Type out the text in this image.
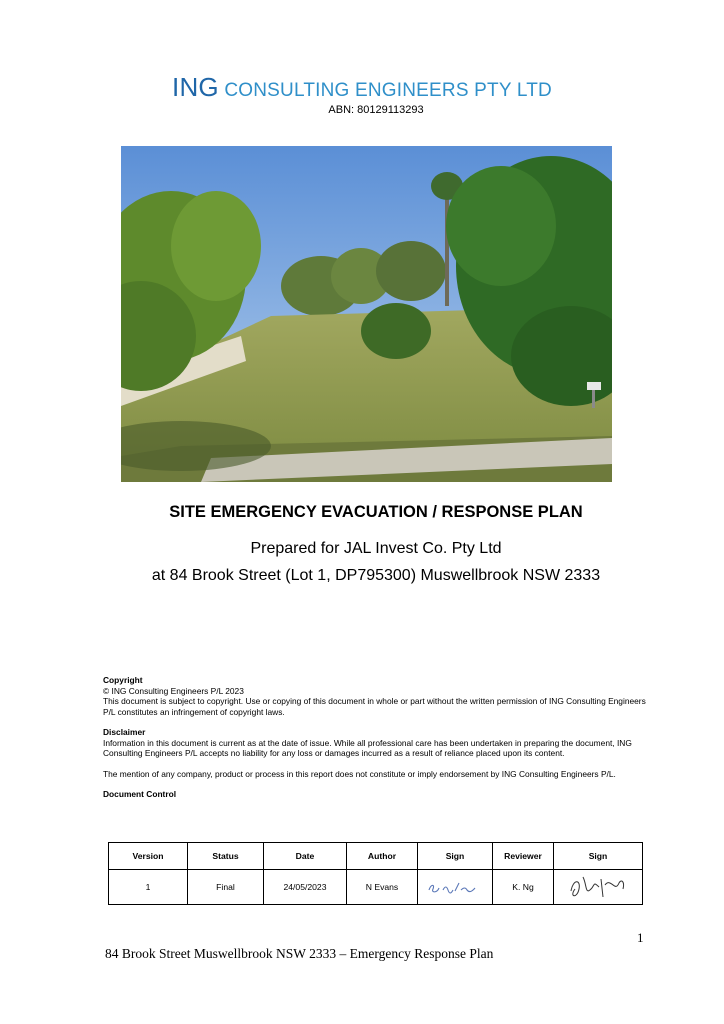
ING CONSULTING ENGINEERS PTY LTD
ABN: 80129113293
SITE EMERGENCY EVACUATION / RESPONSE PLAN
Prepared for JAL Invest Co. Pty Ltd
at 84 Brook Street (Lot 1, DP795300) Muswellbrook NSW 2333

Copyright

© ING Consulting Engineers P/L 2023

This document is subject to copyright. Use or copying of this document in whole or part without the written permission of ING Consulting Engineers P/L constitutes an infringement of copyright laws.

Disclaimer

Information in this document is current as at the date of issue. While all professional care has been undertaken in preparing the document, ING Consulting Engineers P/L accepts no liability for any loss or damages incurred as a result of reliance placed upon its content.

The mention of any company, product or process in this report does not constitute or imply endorsement by ING Consulting Engineers P/L.

Document Control

Version	Status	Date	Author	Sign	Reviewer	Sign
1	Final	24/05/2023	N Evans		K. Ng	
1
84 Brook Street Muswellbrook NSW 2333 – Emergency Response Plan
